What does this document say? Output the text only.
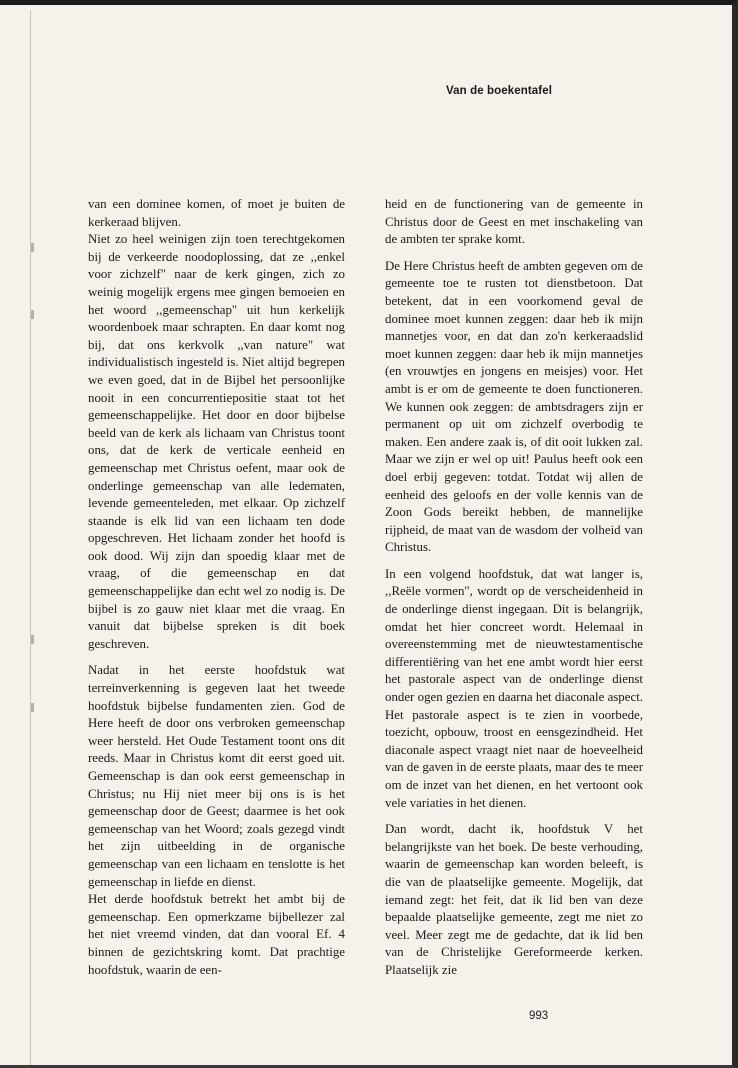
Van de boekentafel

van een dominee komen, of moet je buiten de kerkeraad blijven.

Niet zo heel weinigen zijn toen terechtgekomen bij de verkeerde noodoplossing, dat ze ,,enkel voor zichzelf" naar de kerk gingen, zich zo weinig mogelijk ergens mee gingen bemoeien en het woord ,,gemeenschap" uit hun kerkelijk woordenboek maar schrapten. En daar komt nog bij, dat ons kerkvolk ,,van nature" wat individualistisch ingesteld is. Niet altijd begrepen we even goed, dat in de Bijbel het persoonlijke nooit in een concurrentiepositie staat tot het gemeenschappelijke. Het door en door bijbelse beeld van de kerk als lichaam van Christus toont ons, dat de kerk de verticale eenheid en gemeenschap met Christus oefent, maar ook de onderlinge gemeenschap van alle ledematen, levende gemeenteleden, met elkaar. Op zichzelf staande is elk lid van een lichaam ten dode opgeschreven. Het lichaam zonder het hoofd is ook dood. Wij zijn dan spoedig klaar met de vraag, of die gemeenschap en dat gemeenschappelijke dan echt wel zo nodig is. De bijbel is zo gauw niet klaar met die vraag. En vanuit dat bijbelse spreken is dit boek geschreven.

Nadat in het eerste hoofdstuk wat terreinverkenning is gegeven laat het tweede hoofdstuk bijbelse fundamenten zien. God de Here heeft de door ons verbroken gemeenschap weer hersteld. Het Oude Testament toont ons dit reeds. Maar in Christus komt dit eerst goed uit. Gemeenschap is dan ook eerst gemeenschap in Christus; nu Hij niet meer bij ons is is het gemeenschap door de Geest; daarmee is het ook gemeenschap van het Woord; zoals gezegd vindt het zijn uitbeelding in de organische gemeenschap van een lichaam en tenslotte is het gemeenschap in liefde en dienst.

Het derde hoofdstuk betrekt het ambt bij de gemeenschap. Een opmerkzame bijbellezer zal het niet vreemd vinden, dat dan vooral Ef. 4 binnen de gezichtskring komt. Dat prachtige hoofdstuk, waarin de een-

heid en de functionering van de gemeente in Christus door de Geest en met inschakeling van de ambten ter sprake komt.

De Here Christus heeft de ambten gegeven om de gemeente toe te rusten tot dienstbetoon. Dat betekent, dat in een voorkomend geval de dominee moet kunnen zeggen: daar heb ik mijn mannetjes voor, en dat dan zo'n kerkeraadslid moet kunnen zeggen: daar heb ik mijn mannetjes (en vrouwtjes en jongens en meisjes) voor. Het ambt is er om de gemeente te doen functioneren. We kunnen ook zeggen: de ambtsdragers zijn er permanent op uit om zichzelf overbodig te maken. Een andere zaak is, of dit ooit lukken zal. Maar we zijn er wel op uit! Paulus heeft ook een doel erbij gegeven: totdat. Totdat wij allen de eenheid des geloofs en der volle kennis van de Zoon Gods bereikt hebben, de mannelijke rijpheid, de maat van de wasdom der volheid van Christus.

In een volgend hoofdstuk, dat wat langer is, ,,Reële vormen", wordt op de verscheidenheid in de onderlinge dienst ingegaan. Dit is belangrijk, omdat het hier concreet wordt. Helemaal in overeenstemming met de nieuwtestamentische differentiëring van het ene ambt wordt hier eerst het pastorale aspect van de onderlinge dienst onder ogen gezien en daarna het diaconale aspect. Het pastorale aspect is te zien in voorbede, toezicht, opbouw, troost en eensgezindheid. Het diaconale aspect vraagt niet naar de hoeveelheid van de gaven in de eerste plaats, maar des te meer om de inzet van het dienen, en het vertoont ook vele variaties in het dienen.

Dan wordt, dacht ik, hoofdstuk V het belangrijkste van het boek. De beste verhouding, waarin de gemeenschap kan worden beleeft, is die van de plaatselijke gemeente. Mogelijk, dat iemand zegt: het feit, dat ik lid ben van deze bepaalde plaatselijke gemeente, zegt me niet zo veel. Meer zegt me de gedachte, dat ik lid ben van de Christelijke Gereformeerde kerken. Plaatselijk zie

993
